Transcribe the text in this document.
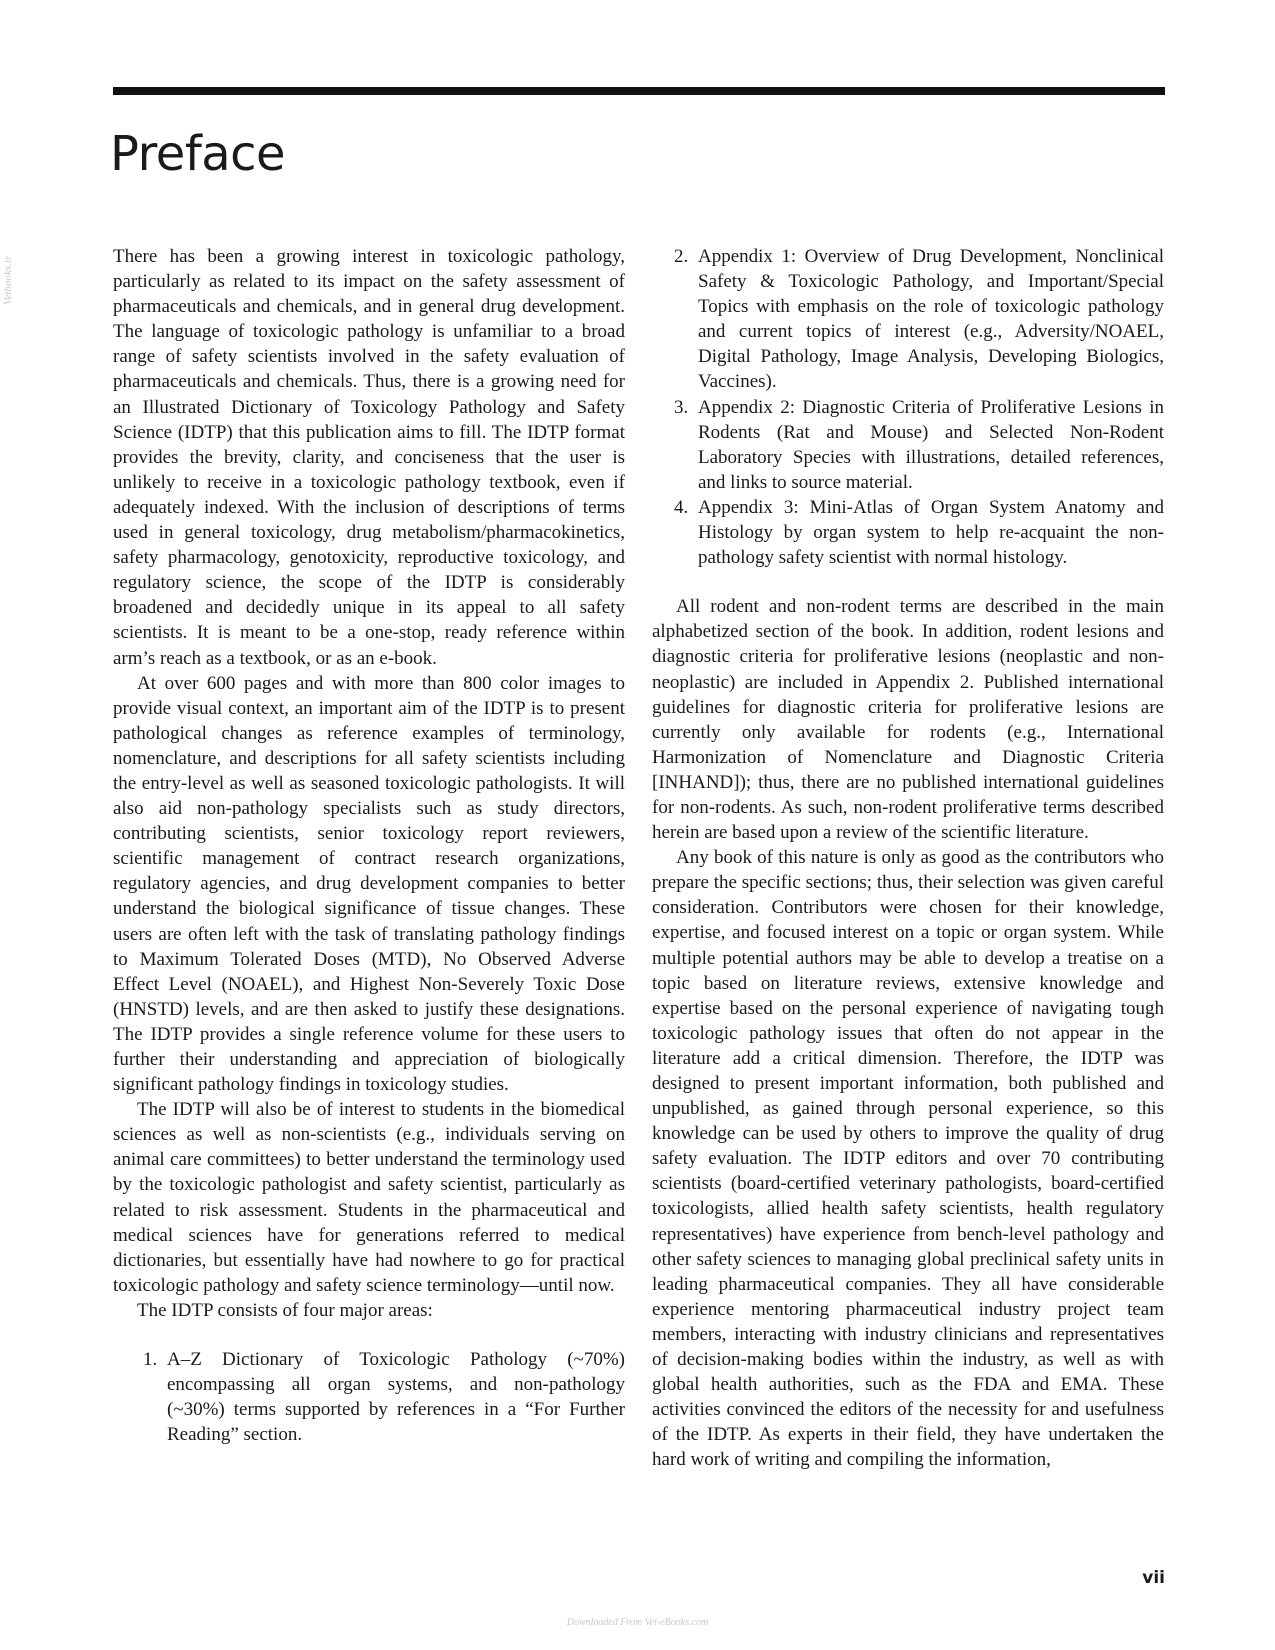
Preface
Vetbooks.ir	There has been a growing interest in toxicologic pathology, particularly as related to its impact on the safety assessment of pharmaceuticals and chemicals, and in general drug development. The language of toxicologic pathology is unfamiliar to a broad range of safety scientists involved in the safety evaluation of pharmaceuticals and chemicals. Thus, there is a growing need for an Illustrated Dictionary of Toxicology Pathology and Safety Science (IDTP) that this publication aims to fill. The IDTP format provides the brevity, clarity, and conciseness that the user is unlikely to receive in a toxicologic pathology textbook, even if adequately indexed. With the inclusion of descriptions of terms used in general toxicology, drug metabolism/pharmacokinetics, safety pharmacology, genotoxicity, reproductive toxicology, and regulatory science, the scope of the IDTP is considerably broadened and decidedly unique in its appeal to all safety scientists. It is meant to be a one-stop, ready reference within arm’s reach as a textbook, or as an e-book.

At over 600 pages and with more than 800 color images to provide visual context, an important aim of the IDTP is to present pathological changes as reference examples of terminology, nomenclature, and descriptions for all safety scientists including the entry-level as well as seasoned toxicologic pathologists. It will also aid non-pathology specialists such as study directors, contributing scientists, senior toxicology report reviewers, scientific management of contract research organizations, regulatory agencies, and drug development companies to better understand the biological significance of tissue changes. These users are often left with the task of translating pathology findings to Maximum Tolerated Doses (MTD), No Observed Adverse Effect Level (NOAEL), and Highest Non-Severely Toxic Dose (HNSTD) levels, and are then asked to justify these designations. The IDTP provides a single reference volume for these users to further their understanding and appreciation of biologically significant pathology findings in toxicology studies.

The IDTP will also be of interest to students in the biomedical sciences as well as non-scientists (e.g., individuals serving on animal care committees) to better understand the terminology used by the toxicologic pathologist and safety scientist, particularly as related to risk assessment. Students in the pharmaceutical and medical sciences have for generations referred to medical dictionaries, but essentially have had nowhere to go for practical toxicologic pathology and safety science terminology—until now.

The IDTP consists of four major areas:

1. A–Z Dictionary of Toxicologic Pathology (~70%) encompassing all organ systems, and non-pathology (~30%) terms supported by references in a “For Further Reading” section.
2. Appendix 1: Overview of Drug Development, Nonclinical Safety & Toxicologic Pathology, and Important/Special Topics with emphasis on the role of toxicologic pathology and current topics of interest (e.g., Adversity/NOAEL, Digital Pathology, Image Analysis, Developing Biologics, Vaccines).
3. Appendix 2: Diagnostic Criteria of Proliferative Lesions in Rodents (Rat and Mouse) and Selected Non-Rodent Laboratory Species with illustrations, detailed references, and links to source material.
4. Appendix 3: Mini-Atlas of Organ System Anatomy and Histology by organ system to help re-acquaint the non-pathology safety scientist with normal histology.

All rodent and non-rodent terms are described in the main alphabetized section of the book. In addition, rodent lesions and diagnostic criteria for proliferative lesions (neoplastic and non-neoplastic) are included in Appendix 2. Published international guidelines for diagnostic criteria for proliferative lesions are currently only available for rodents (e.g., International Harmonization of Nomenclature and Diagnostic Criteria [INHAND]); thus, there are no published international guidelines for non-rodents. As such, non-rodent proliferative terms described herein are based upon a review of the scientific literature.

Any book of this nature is only as good as the contributors who prepare the specific sections; thus, their selection was given careful consideration. Contributors were chosen for their knowledge, expertise, and focused interest on a topic or organ system. While multiple potential authors may be able to develop a treatise on a topic based on literature reviews, extensive knowledge and expertise based on the personal experience of navigating tough toxicologic pathology issues that often do not appear in the literature add a critical dimension. Therefore, the IDTP was designed to present important information, both published and unpublished, as gained through personal experience, so this knowledge can be used by others to improve the quality of drug safety evaluation. The IDTP editors and over 70 contributing scientists (board-certified veterinary pathologists, board-certified toxicologists, allied health safety scientists, health regulatory representatives) have experience from bench-level pathology and other safety sciences to managing global preclinical safety units in leading pharmaceutical companies. They all have considerable experience mentoring pharmaceutical industry project team members, interacting with industry clinicians and representatives of decision-making bodies within the industry, as well as with global health authorities, such as the FDA and EMA. These activities convinced the editors of the necessity for and usefulness of the IDTP. As experts in their field, they have undertaken the hard work of writing and compiling the information,

vii
Downloaded From Vet-eBooks.com
